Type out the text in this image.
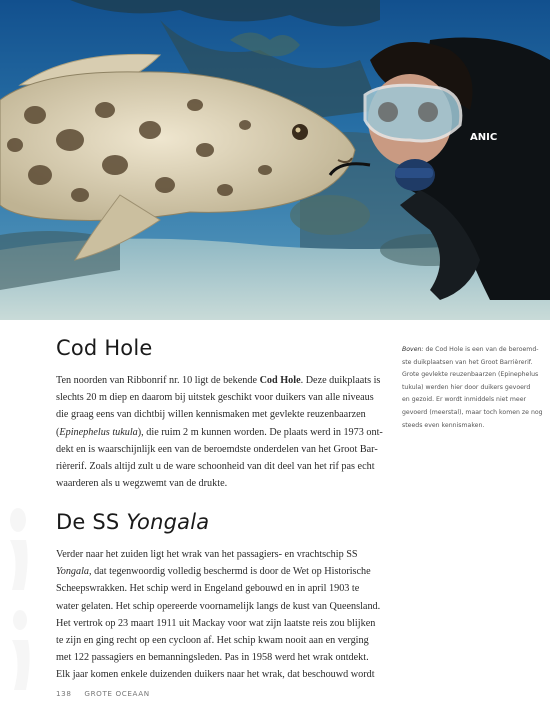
ANIC
Cod Hole
Ten noorden van Ribbonrif nr. 10 ligt de bekende Cod Hole. Deze duikplaats is
slechts 20 m diep en daarom bij uitstek geschikt voor duikers van alle niveaus
die graag eens van dichtbij willen kennismaken met gevlekte reuzenbaarzen
(Epinephelus tukula), die ruim 2 m kunnen worden. De plaats werd in 1973 ont-
dekt en is waarschijnlijk een van de beroemdste onderdelen van het Groot Bar-
rièrerif. Zoals altijd zult u de ware schoonheid van dit deel van het rif pas echt
waarderen als u wegzwemt van de drukte.
Boven: de Cod Hole is een van de beroemd-
ste duikplaatsen van het Groot Barrièrerif.
Grote gevlekte reuzenbaarzen (Epinephelus
tukula) werden hier door duikers gevoerd
en gezoid. Er wordt inmiddels niet meer
gevoerd (meerstal), maar toch komen ze nog
steeds even kennismaken.
De SS Yongala
Verder naar het zuiden ligt het wrak van het passagiers- en vrachtschip SS
Yongala, dat tegenwoordig volledig beschermd is door de Wet op Historische
Scheepswrakken. Het schip werd in Engeland gebouwd en in april 1903 te
water gelaten. Het schip opereerde voornamelijk langs de kust van Queensland.
Het vertrok op 23 maart 1911 uit Mackay voor wat zijn laatste reis zou blijken
te zijn en ging recht op een cycloon af. Het schip kwam nooit aan en verging
met 122 passagiers en bemanningsleden. Pas in 1958 werd het wrak ontdekt.
Elk jaar komen enkele duizenden duikers naar het wrak, dat beschouwd wordt
138 GROTE OCEAAN
